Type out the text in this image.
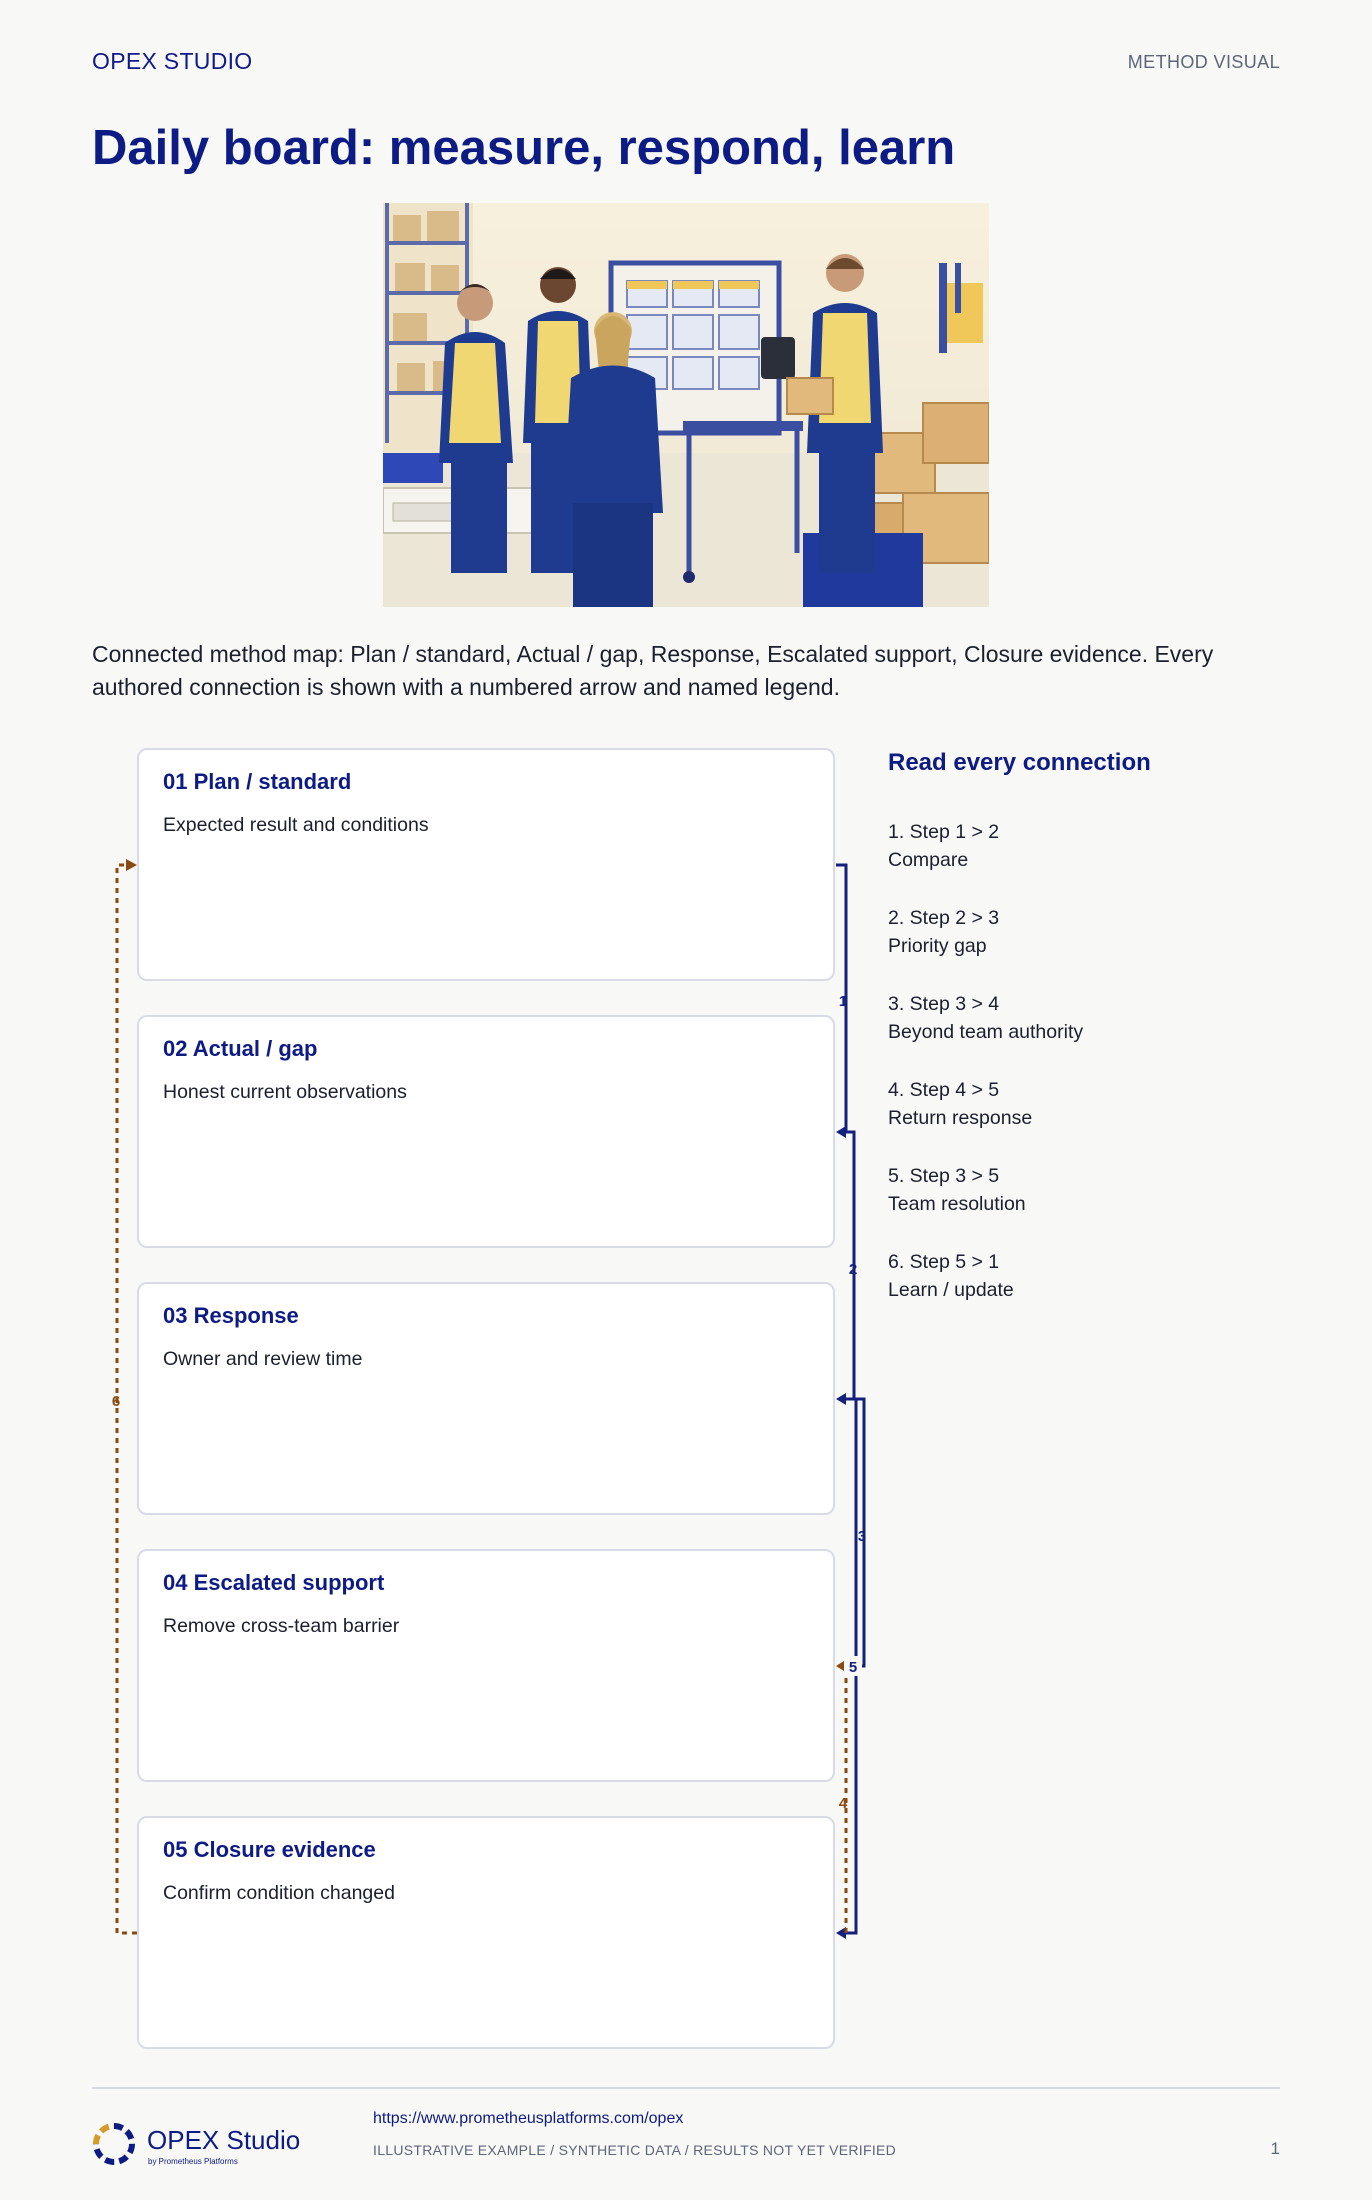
OPEX STUDIO	METHOD VISUAL
Daily board: measure, respond, learn

Connected method map: Plan / standard, Actual / gap, Response, Escalated support, Closure evidence. Every authored connection is shown with a numbered arrow and named legend.

01 Plan / standard
Expected result and conditions
02 Actual / gap
Honest current observations
03 Response
Owner and review time
04 Escalated support
Remove cross-team barrier
05 Closure evidence
Confirm condition changed
1
2
3
5
4
6
Read every connection
1. Step 1 > 2
Compare
2. Step 2 > 3
Priority gap
3. Step 3 > 4
Beyond team authority
4. Step 4 > 5
Return response
5. Step 3 > 5
Team resolution
6. Step 5 > 1
Learn / update
OPEX Studio
by Prometheus Platforms
https://www.prometheusplatforms.com/opex
ILLUSTRATIVE EXAMPLE / SYNTHETIC DATA / RESULTS NOT YET VERIFIED	1
